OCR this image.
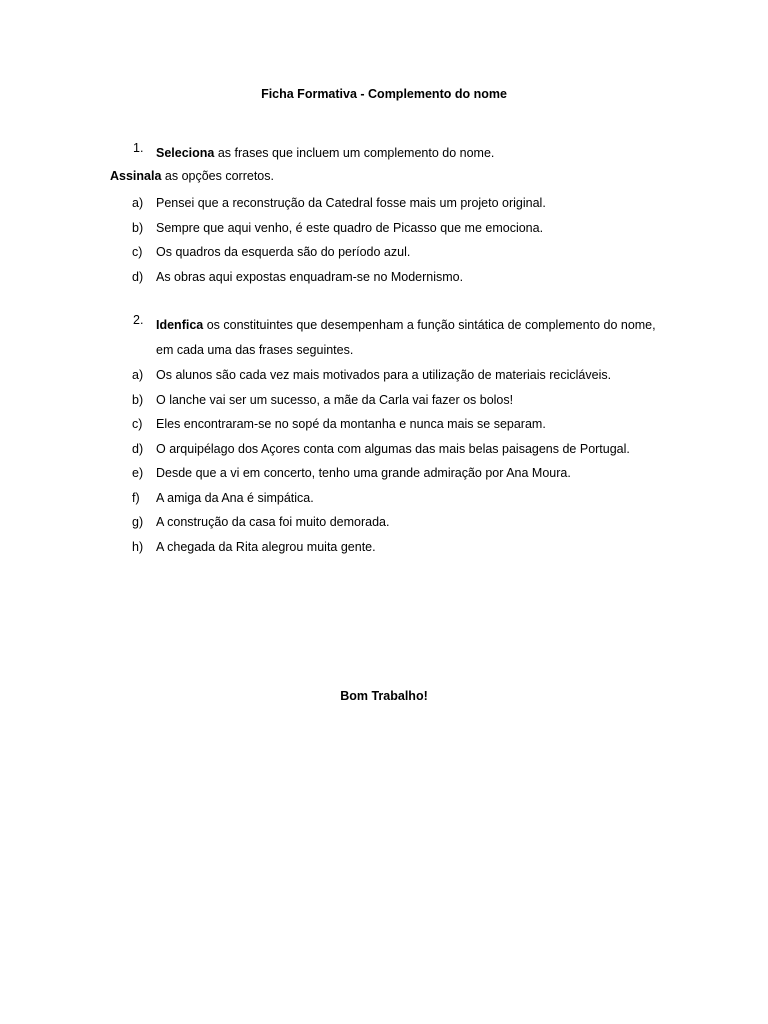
Ficha Formativa - Complemento do nome
1. Seleciona as frases que incluem um complemento do nome.
Assinala as opções corretos.
a) Pensei que a reconstrução da Catedral fosse mais um projeto original.
b) Sempre que aqui venho, é este quadro de Picasso que me emociona.
c) Os quadros da esquerda são do período azul.
d) As obras aqui expostas enquadram-se no Modernismo.
2. Idenfica os constituintes que desempenham a função sintática de complemento do nome, em cada uma das frases seguintes.
a) Os alunos são cada vez mais motivados para a utilização de materiais recicláveis.
b) O lanche vai ser um sucesso, a mãe da Carla vai fazer os bolos!
c) Eles encontraram-se no sopé da montanha e nunca mais se separam.
d) O arquipélago dos Açores conta com algumas das mais belas paisagens de Portugal.
e) Desde que a vi em concerto, tenho uma grande admiração por Ana Moura.
f) A amiga da Ana é simpática.
g) A construção da casa foi muito demorada.
h) A chegada da Rita alegrou muita gente.
Bom Trabalho!
